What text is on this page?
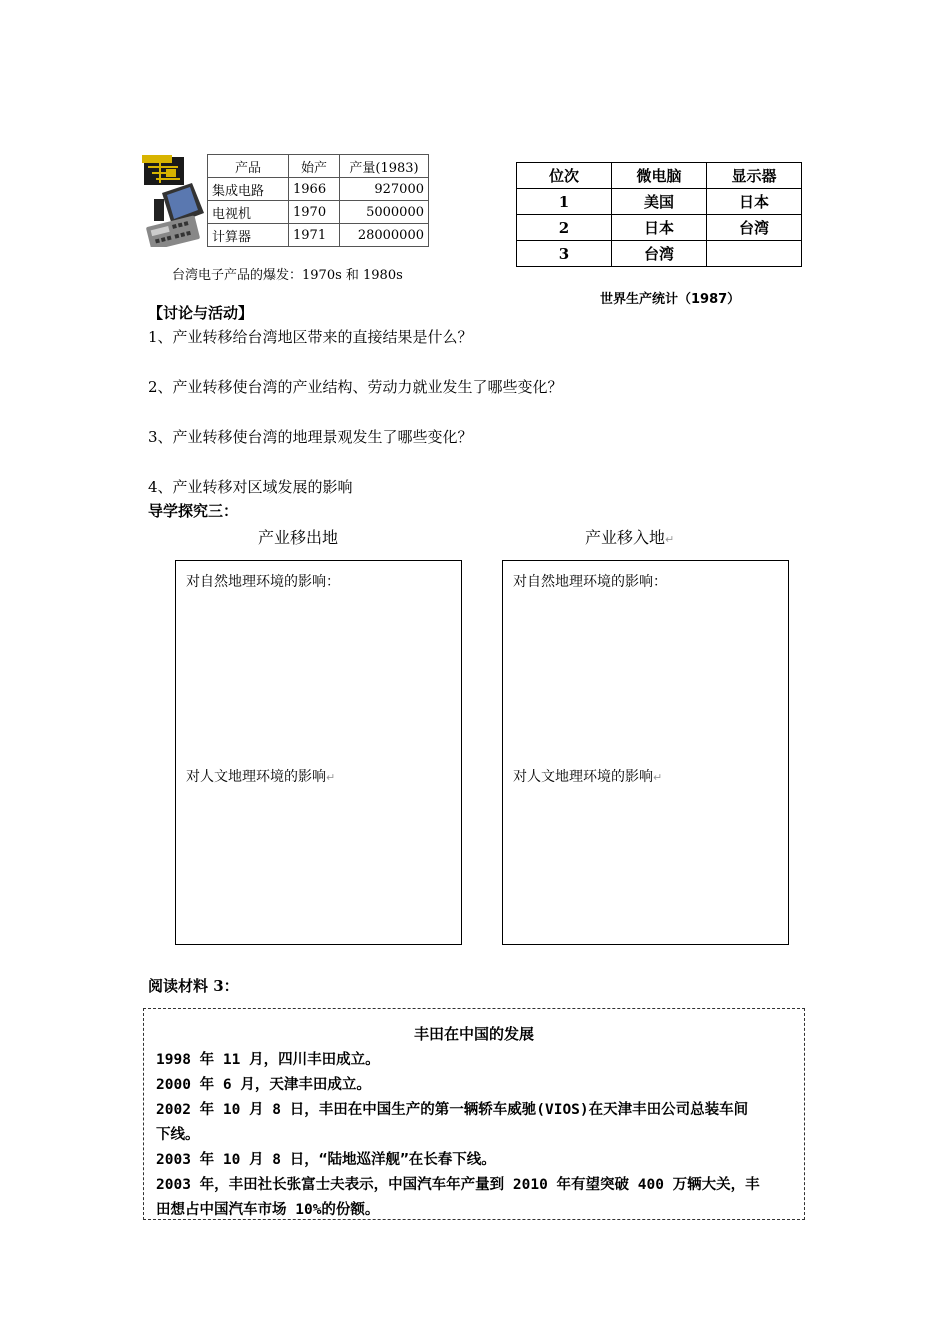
产品	始产	产量(1983)
集成电路	1966	927000
电视机	1970	5000000
计算器	1971	28000000
台湾电子产品的爆发：1970s 和 1980s
位次	微电脑	显示器
1	美国	日本
2	日本	台湾
3	台湾	
世界生产统计（1987）
【讨论与活动】
1、产业转移给台湾地区带来的直接结果是什么？
2、产业转移使台湾的产业结构、劳动力就业发生了哪些变化？
3、产业转移使台湾的地理景观发生了哪些变化？
4、产业转移对区域发展的影响
导学探究三：
产业移出地	产业移入地↵
对自然地理环境的影响：
对人文地理环境的影响↵
对自然地理环境的影响：
对人文地理环境的影响↵
阅读材料 3：
丰田在中国的发展
1998 年 11 月，四川丰田成立。
2000 年 6 月，天津丰田成立。
2002 年 10 月 8 日，丰田在中国生产的第一辆轿车威驰(VIOS)在天津丰田公司总装车间
下线。
2003 年 10 月 8 日，“陆地巡洋舰”在长春下线。
2003 年，丰田社长张富士夫表示，中国汽车年产量到 2010 年有望突破 400 万辆大关，丰
田想占中国汽车市场 10%的份额。
